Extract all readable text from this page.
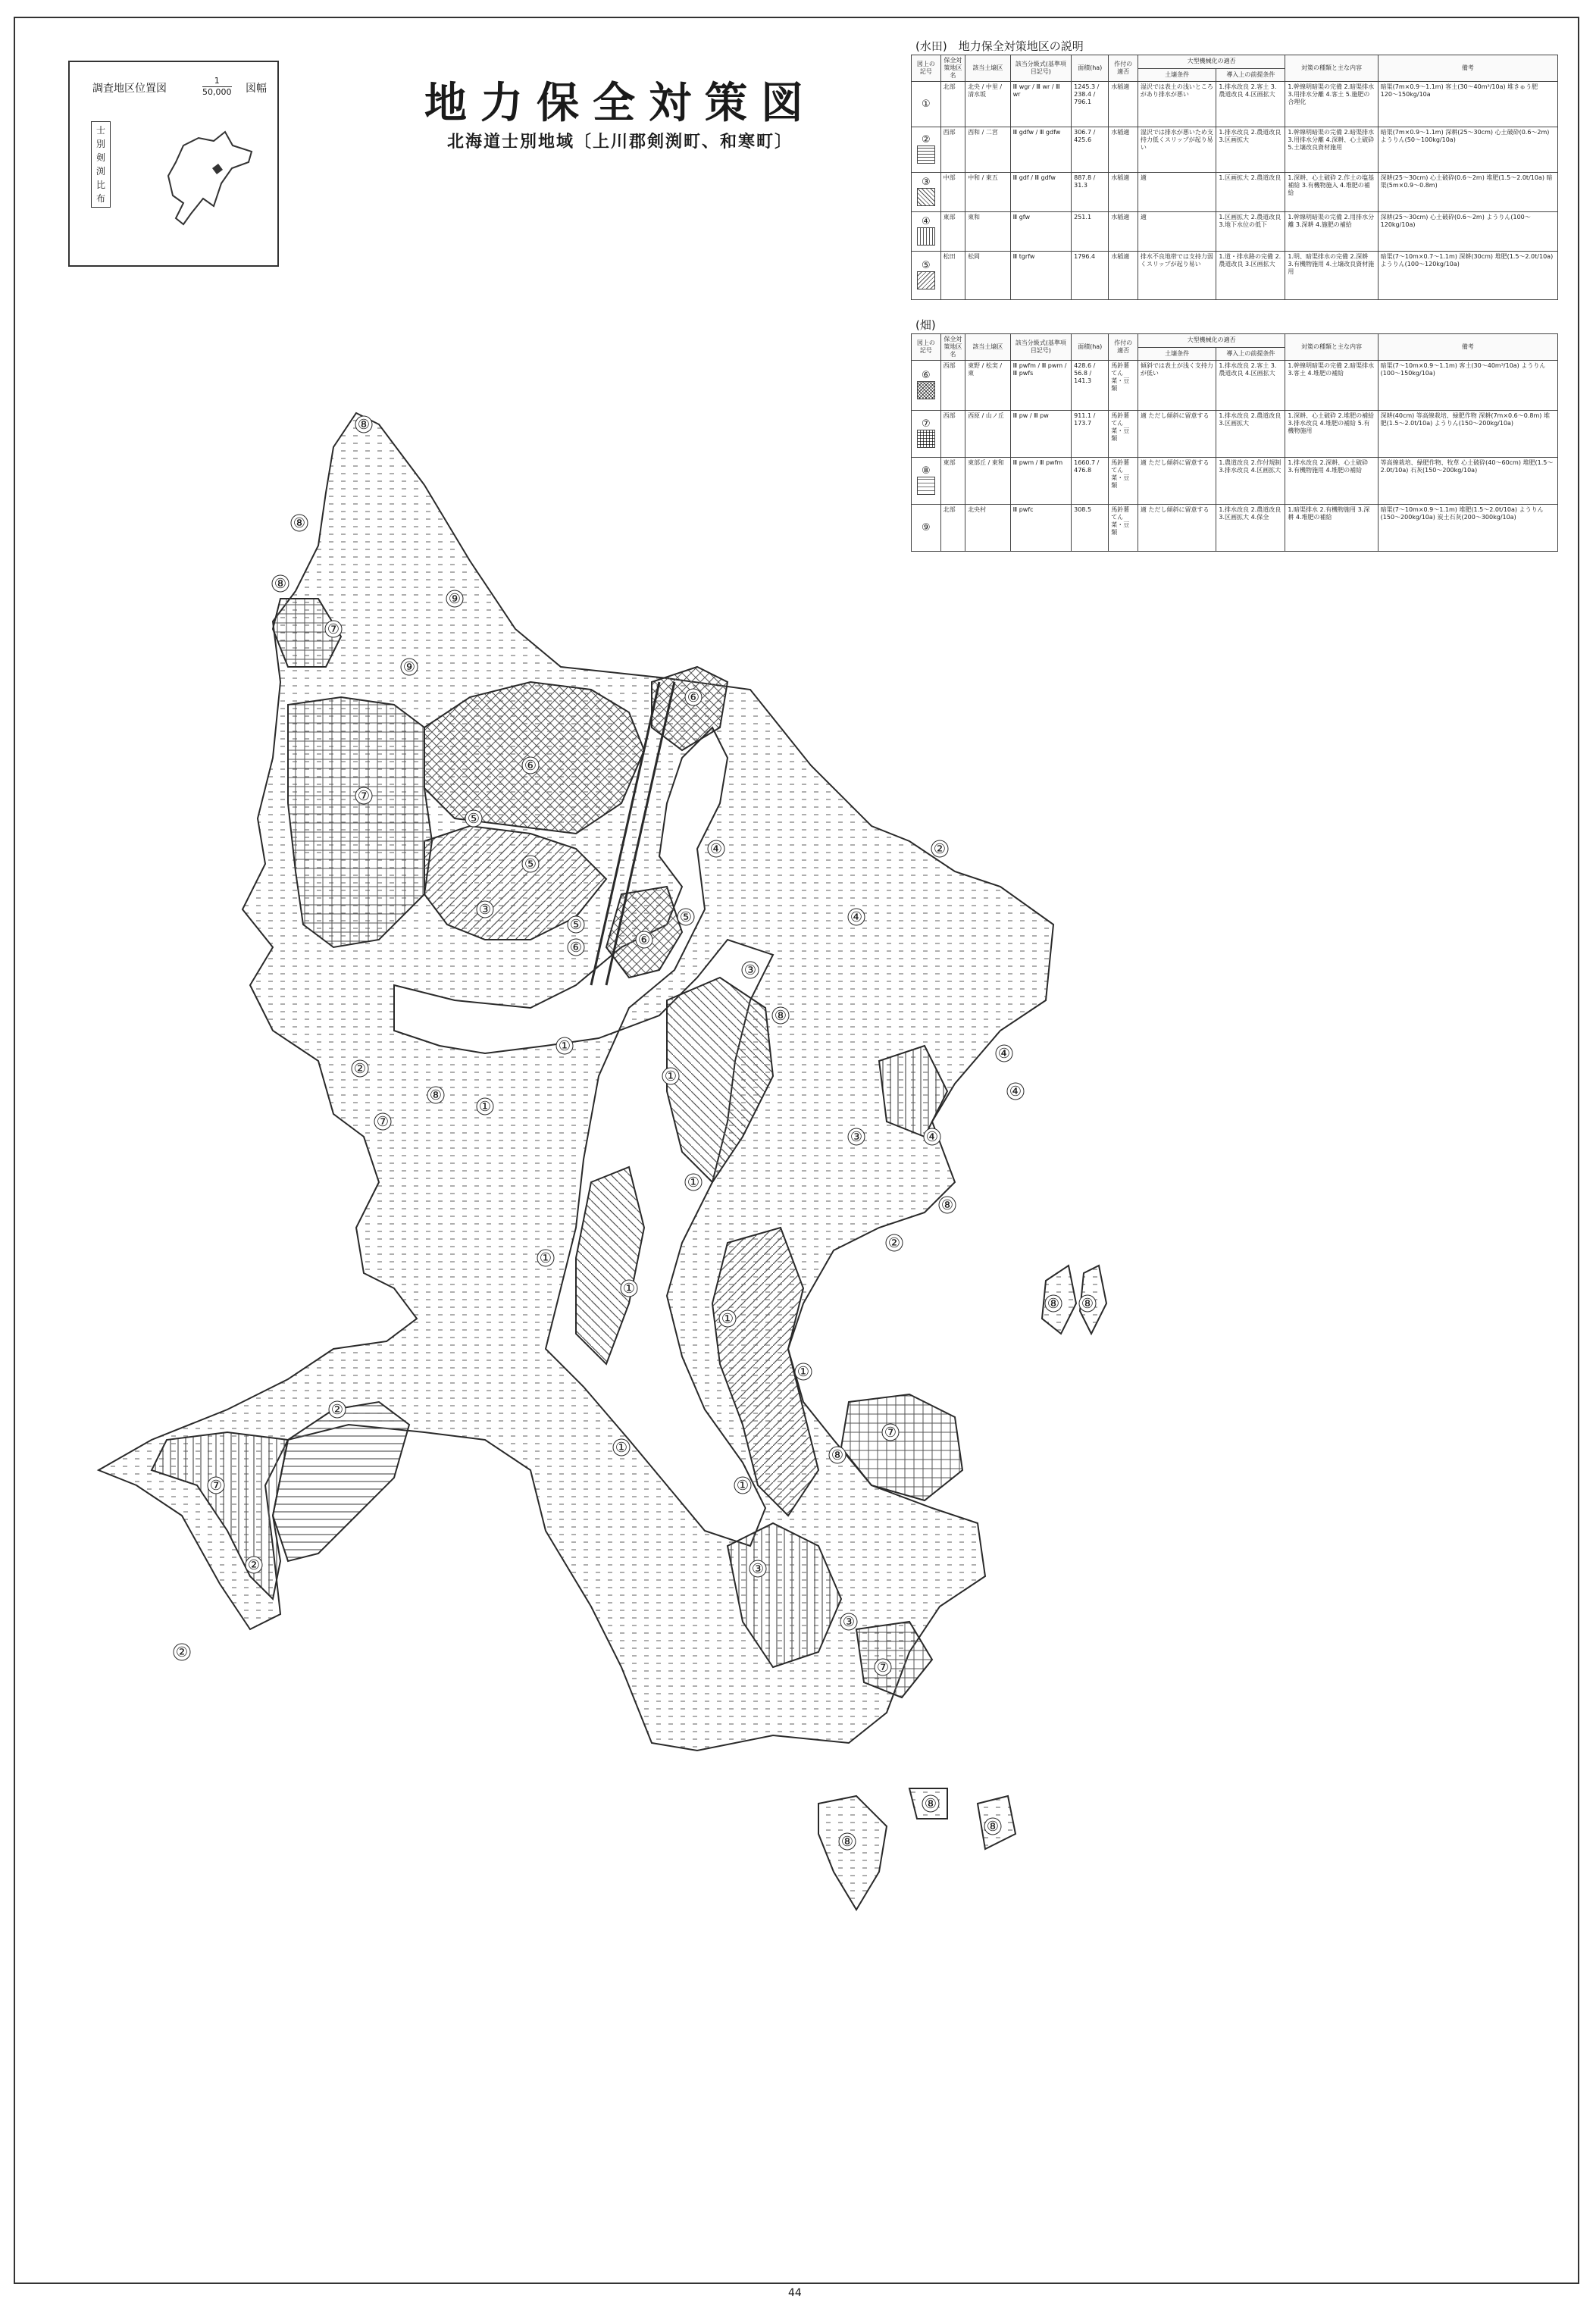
調査地区位置図	$\frac{1}{50,000}$ 図幅
士
別
剣
渕
比
布
地力保全対策図
北海道士別地域〔上川郡剣渕町、和寒町〕
(水田)　地力保全対策地区の説明
図上の記号	保全対策地区名	該当土壌区	該当分級式(基準項目記号)	面積(ha)	作付の適否	大型機械化の適否		対策の種類と主な内容	備考
						土壌条件	導入上の前提条件		
①	北部	北央 / 中里 / 清水坂	Ⅲ wgr / Ⅲ wr / Ⅲ wr	1245.3 / 238.4 / 796.1	水稲適	湿沢では表土の浅いところがあり排水が悪い	1.排水改良 2.客土 3.農道改良 4.区画拡大	1.幹線明暗渠の完備 2.暗渠排水 3.用排水分離 4.客土 5.施肥の合理化	暗渠(7m×0.9〜1.1m) 客土(30〜40m³/10a) 堆きゅう肥 120〜150kg/10a
②	西部	西和 / 二宮	Ⅲ gdfw / Ⅲ gdfw	306.7 / 425.6	水稲適	湿沢では排水が悪いため支持力低くスリップが起り易い	1.排水改良 2.農道改良 3.区画拡大	1.幹線明暗渠の完備 2.暗渠排水 3.用排水分離 4.深耕、心土破砕 5.土壌改良資材施用	暗渠(7m×0.9〜1.1m) 深耕(25〜30cm) 心土破砕(0.6〜2m) ようりん(50〜100kg/10a)
③	中部	中和 / 東五	Ⅲ gdf / Ⅲ gdfw	887.8 / 31.3	水稲適	適	1.区画拡大 2.農道改良	1.深耕、心土破砕 2.作土の塩基補給 3.有機物施入 4.堆肥の補給	深耕(25〜30cm) 心土破砕(0.6〜2m) 堆肥(1.5〜2.0t/10a) 暗渠(5m×0.9〜0.8m)
④	東部	東和	Ⅲ gfw	251.1	水稲適	適	1.区画拡大 2.農道改良 3.地下水位の低下	1.幹線明暗渠の完備 2.用排水分離 3.深耕 4.施肥の補給	深耕(25〜30cm) 心土破砕(0.6〜2m) ようりん(100〜120kg/10a)
⑤	松田	松岡	Ⅲ tgrfw	1796.4	水稲適	排水不良地帯では支持力弱くスリップが起り易い	1.道・排水路の完備 2.農道改良 3.区画拡大	1.明、暗渠排水の完備 2.深耕 3.有機物施用 4.土壌改良資材施用	暗渠(7〜10m×0.7〜1.1m) 深耕(30cm) 堆肥(1.5〜2.0t/10a) ようりん(100〜120kg/10a)
(畑)
図上の記号	保全対策地区名	該当土壌区	該当分級式(基準項目記号)	面積(ha)	作付の適否	大型機械化の適否		対策の種類と主な内容	備考
						土壌条件	導入上の前提条件		
⑥	西部	東野 / 松実 / 東	Ⅲ pwfm / Ⅲ pwm / Ⅲ pwfs	428.6 / 56.8 / 141.3	馬鈴薯てん菜・豆類	傾斜では表土が浅く支持力が低い	1.排水改良 2.客土 3.農道改良 4.区画拡大	1.幹線明暗渠の完備 2.暗渠排水 3.客土 4.堆肥の補給	暗渠(7〜10m×0.9〜1.1m) 客土(30〜40m³/10a) ようりん(100〜150kg/10a)
⑦	西部	西原 / 山ノ丘	Ⅲ pw / Ⅲ pw	911.1 / 173.7	馬鈴薯てん菜・豆類	適 ただし傾斜に留意する	1.排水改良 2.農道改良 3.区画拡大	1.深耕、心土破砕 2.堆肥の補給 3.排水改良 4.堆肥の補給 5.有機物施用	深耕(40cm) 等高線栽培、緑肥作物 深耕(7m×0.6〜0.8m) 堆肥(1.5〜2.0t/10a) ようりん(150〜200kg/10a)
⑧	東部	東部丘 / 東和	Ⅲ pwm / Ⅲ pwfm	1660.7 / 476.8	馬鈴薯てん菜・豆類	適 ただし傾斜に留意する	1.農道改良 2.作付規制 3.排水改良 4.区画拡大	1.排水改良 2.深耕、心土破砕 3.有機物施用 4.堆肥の補給	等高線栽培、緑肥作物、牧草 心土破砕(40〜60cm) 堆肥(1.5〜2.0t/10a) 石灰(150〜200kg/10a)
⑨	北部	北央村	Ⅲ pwfc	308.5	馬鈴薯てん菜・豆類	適 ただし傾斜に留意する	1.排水改良 2.農道改良 3.区画拡大 4.保全	1.暗渠排水 2.有機物施用 3.深耕 4.堆肥の補給	暗渠(7〜10m×0.9〜1.1m) 堆肥(1.5〜2.0t/10a) ようりん(150〜200kg/10a) 炭土石灰(200〜300kg/10a)
①
①
①
①
①
①
①
①
①
①
②
②
②
②
②
②
③
③
③
③
③
④
④
④
④
④
⑤
⑤
⑤	⑤
⑥
⑥	⑥
⑥
⑦
⑦
⑦
⑦
⑦
⑦
⑧
⑧
⑧
⑧
⑧
⑧ ⑧
⑧
⑧
⑧
⑧
⑧
⑨
⑨
44
